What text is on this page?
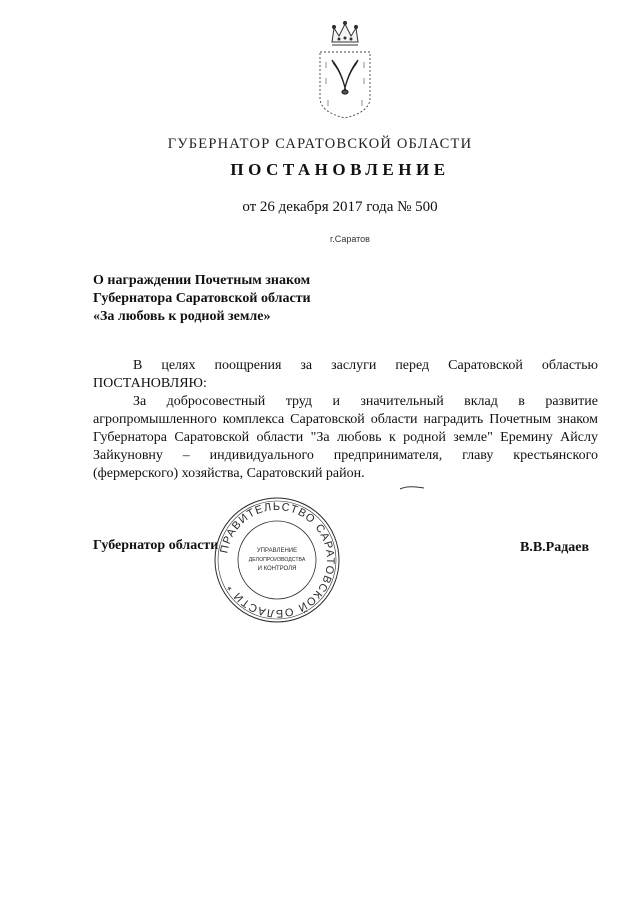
ГУБЕРНАТОР САРАТОВСКОЙ ОБЛАСТИ
ПОСТАНОВЛЕНИЕ
от 26 декабря 2017 года № 500
г.Саратов
О награждении Почетным знаком
Губернатора Саратовской области
«За любовь к родной земле»
В целях поощрения за заслуги перед Саратовской областью
ПОСТАНОВЛЯЮ:
За добросовестный труд и значительный вклад в развитие агропромышленного комплекса Саратовской области наградить Почетным знаком Губернатора Саратовской области "За любовь к родной земле" Еремину Айслу Зайкуновну – индивидуального предпринимателя, главу крестьянского (фермерского) хозяйства, Саратовский район.
Губернатор области	В.В.Радаев
ПРАВИТЕЛЬСТВО САРАТОВСКОЙ ОБЛАСТИ *
УПРАВЛЕНИЕ
ДЕЛОПРОИЗВОДСТВА
И КОНТРОЛЯ
